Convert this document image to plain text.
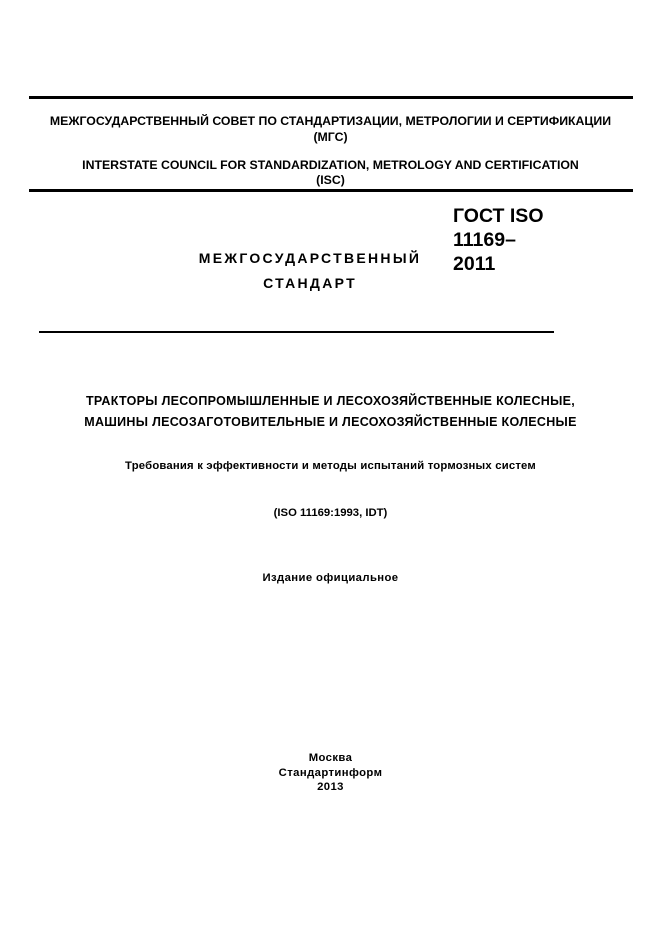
МЕЖГОСУДАРСТВЕННЫЙ СОВЕТ ПО СТАНДАРТИЗАЦИИ, МЕТРОЛОГИИ И СЕРТИФИКАЦИИ
(МГС)
INTERSTATE COUNCIL FOR STANDARDIZATION, METROLOGY AND CERTIFICATION
(ISC)
МЕЖГОСУДАРСТВЕННЫЙ
СТАНДАРТ
ГОСТ ISO
11169–
2011
ТРАКТОРЫ ЛЕСОПРОМЫШЛЕННЫЕ И ЛЕСОХОЗЯЙСТВЕННЫЕ КОЛЕСНЫЕ,
МАШИНЫ ЛЕСОЗАГОТОВИТЕЛЬНЫЕ И ЛЕСОХОЗЯЙСТВЕННЫЕ КОЛЕСНЫЕ
Требования к эффективности и методы испытаний тормозных систем
(ISO 11169:1993, IDT)
Издание официальное
Москва
Стандартинформ
2013
